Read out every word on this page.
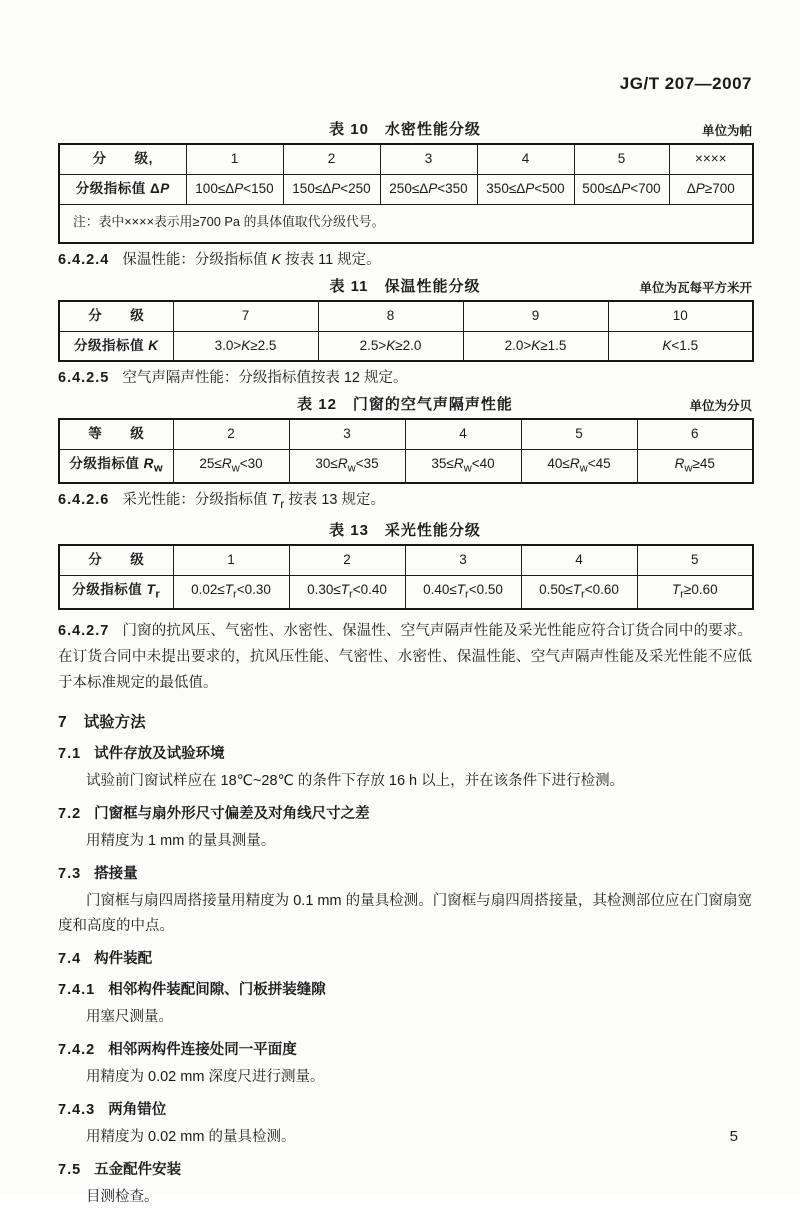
JG/T 207—2007
表 10　水密性能分级	单位为帕
分　　级,	1	2	3	4	5	××××
分级指标值 ΔP	100≤ΔP<150	150≤ΔP<250	250≤ΔP<350	350≤ΔP<500	500≤ΔP<700	ΔP≥700
注：表中××××表示用≥700 Pa 的具体值取代分级代号。						

6.4.2.4 保温性能：分级指标值 K 按表 11 规定。

表 11　保温性能分级	单位为瓦每平方米开
分　　级	7	8	9	10
分级指标值 K	3.0>K≥2.5	2.5>K≥2.0	2.0>K≥1.5	K<1.5

6.4.2.5 空气声隔声性能：分级指标值按表 12 规定。

表 12　门窗的空气声隔声性能	单位为分贝
等　　级	2	3	4	5	6
分级指标值 $R_w$	$25\le R_w<30$	$30\le R_w<35$	$35\le R_w<40$	$40\le R_w<45$	$R_w\ge 45$

6.4.2.6 采光性能：分级指标值 $T_r$ 按表 13 规定。

表 13　采光性能分级
分　　级	1	2	3	4	5
分级指标值 $T_r$	$0.02\le T_r<0.30$	$0.30\le T_r<0.40$	$0.40\le T_r<0.50$	$0.50\le T_r<0.60$	$T_r\ge 0.60$

6.4.2.7 门窗的抗风压、气密性、水密性、保温性、空气声隔声性能及采光性能应符合订货合同中的要求。在订货合同中未提出要求的，抗风压性能、气密性、水密性、保温性能、空气声隔声性能及采光性能不应低于本标准规定的最低值。

7 试验方法

7.1 试件存放及试验环境

试验前门窗试样应在 18℃~28℃ 的条件下存放 16 h 以上，并在该条件下进行检测。

7.2 门窗框与扇外形尺寸偏差及对角线尺寸之差

用精度为 1 mm 的量具测量。

7.3 搭接量

门窗框与扇四周搭接量用精度为 0.1 mm 的量具检测。门窗框与扇四周搭接量，其检测部位应在门窗扇宽度和高度的中点。

7.4 构件装配

7.4.1 相邻构件装配间隙、门板拼装缝隙

用塞尺测量。

7.4.2 相邻两构件连接处同一平面度

用精度为 0.02 mm 深度尺进行测量。

7.4.3 两角错位

用精度为 0.02 mm 的量具检测。

7.5 五金配件安装

目测检查。

5
